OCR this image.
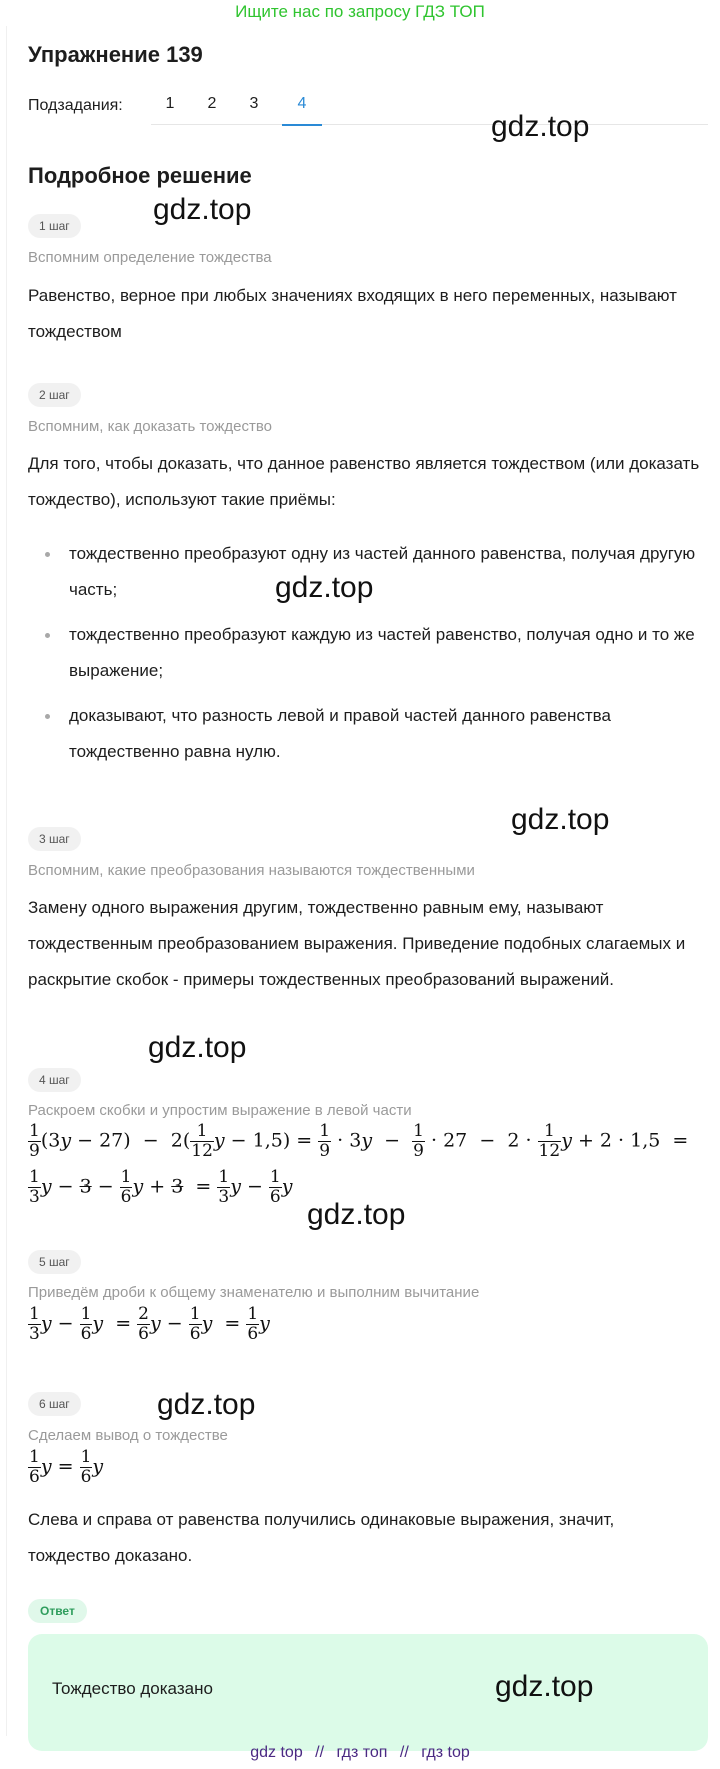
Ищите нас по запросу ГДЗ ТОП
Упражнение 139
Подзадания:	1	2	3	4
Подробное решение
1 шаг
Вспомним определение тождества
Равенство, верное при любых значениях входящих в него переменных, называют тождеством
2 шаг
Вспомним, как доказать тождество
Для того, чтобы доказать, что данное равенство является тождеством (или доказать тождество), используют такие приёмы:
тождественно преобразуют одну из частей данного равенства, получая другую часть;
тождественно преобразуют каждую из частей равенство, получая одно и то же выражение;
доказывают, что разность левой и правой частей данного равенства тождественно равна нулю.
3 шаг
Вспомним, какие преобразования называются тождественными
Замену одного выражения другим, тождественно равным ему, называют тождественным преобразованием выражения. Приведение подобных слагаемых и раскрытие скобок - примеры тождественных преобразований выражений.
4 шаг
Раскроем скобки и упростим выражение в левой части
$\frac{1}{9} (3y - 27) - 2( \frac{1}{12}$ $y - 1,5) = \frac{1}{9} \cdot 3y - \frac{1}{9} \cdot 27 - 2 \cdot \frac{1}{12}$ y + 2 · 1,5  =
$\frac{1}{3}$ $y - 3 - \frac{1}{6}$ $y + 3 = \frac{1}{3}$ $y - \frac{1}{6}$ y
5 шаг
Приведём дроби к общему знаменателю и выполним вычитание
$\frac{1}{3}$ $y - \frac{1}{6}$ $y = \frac{2}{6}$ $y - \frac{1}{6}$ $y = \frac{1}{6}$ y
6 шаг
Сделаем вывод о тождестве
$\frac{1}{6}$ $y = \frac{1}{6}$ y
Слева и справа от равенства получились одинаковые выражения, значит, тождество доказано.
Ответ
Тождество доказано
gdz.top
gdz.top
gdz.top
gdz.top
gdz.top
gdz.top
gdz.top
gdz.top
gdz top // гдз топ // гдз top
